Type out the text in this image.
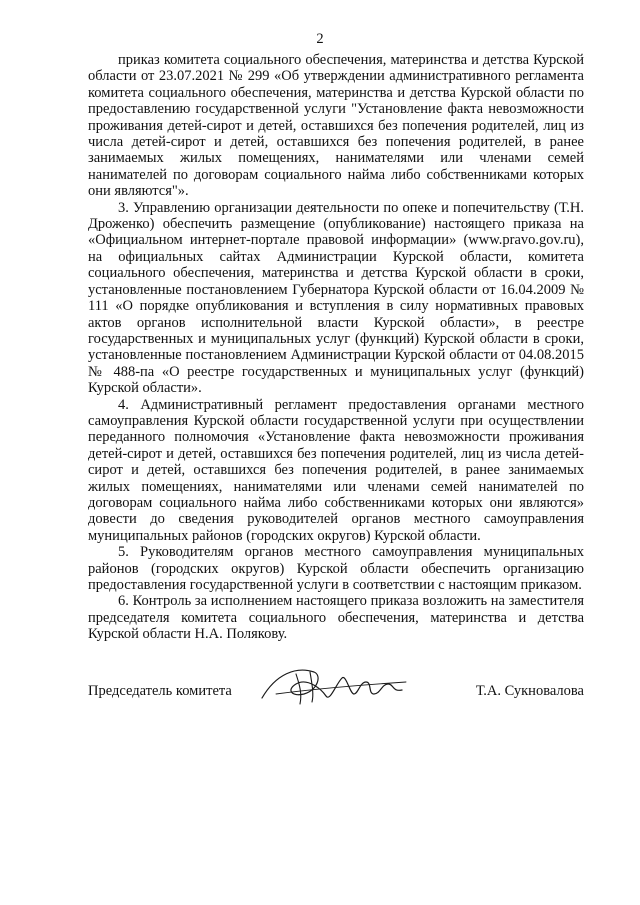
2

приказ комитета социального обеспечения, материнства и детства Курской области от 23.07.2021 № 299 «Об утверждении административного регламента комитета социального обеспечения, материнства и детства Курской области по предоставлению государственной услуги "Установление факта невозможности проживания детей-сирот и детей, оставшихся без попечения родителей, лиц из числа детей-сирот и детей, оставшихся без попечения родителей, в ранее занимаемых жилых помещениях, нанимателями или членами семей нанимателей по договорам социального найма либо собственниками которых они являются"».

3. Управлению организации деятельности по опеке и попечительству (Т.Н. Дроженко) обеспечить размещение (опубликование) настоящего приказа на «Официальном интернет-портале правовой информации» (www.pravo.gov.ru), на официальных сайтах Администрации Курской области, комитета социального обеспечения, материнства и детства Курской области в сроки, установленные постановлением Губернатора Курской области от 16.04.2009 № 111 «О порядке опубликования и вступления в силу нормативных правовых актов органов исполнительной власти Курской области», в реестре государственных и муниципальных услуг (функций) Курской области в сроки, установленные постановлением Администрации Курской области от 04.08.2015 № 488-па «О реестре государственных и муниципальных услуг (функций) Курской области».

4. Административный регламент предоставления органами местного самоуправления Курской области государственной услуги при осуществлении переданного полномочия «Установление факта невозможности проживания детей-сирот и детей, оставшихся без попечения родителей, лиц из числа детей-сирот и детей, оставшихся без попечения родителей, в ранее занимаемых жилых помещениях, нанимателями или членами семей нанимателей по договорам социального найма либо собственниками которых они являются» довести до сведения руководителей органов местного самоуправления муниципальных районов (городских округов) Курской области.

5. Руководителям органов местного самоуправления муниципальных районов (городских округов) Курской области обеспечить организацию предоставления государственной услуги в соответствии с настоящим приказом.

6. Контроль за исполнением настоящего приказа возложить на заместителя председателя комитета социального обеспечения, материнства и детства Курской области Н.А. Полякову.

Председатель комитета	Т.А. Сукновалова
